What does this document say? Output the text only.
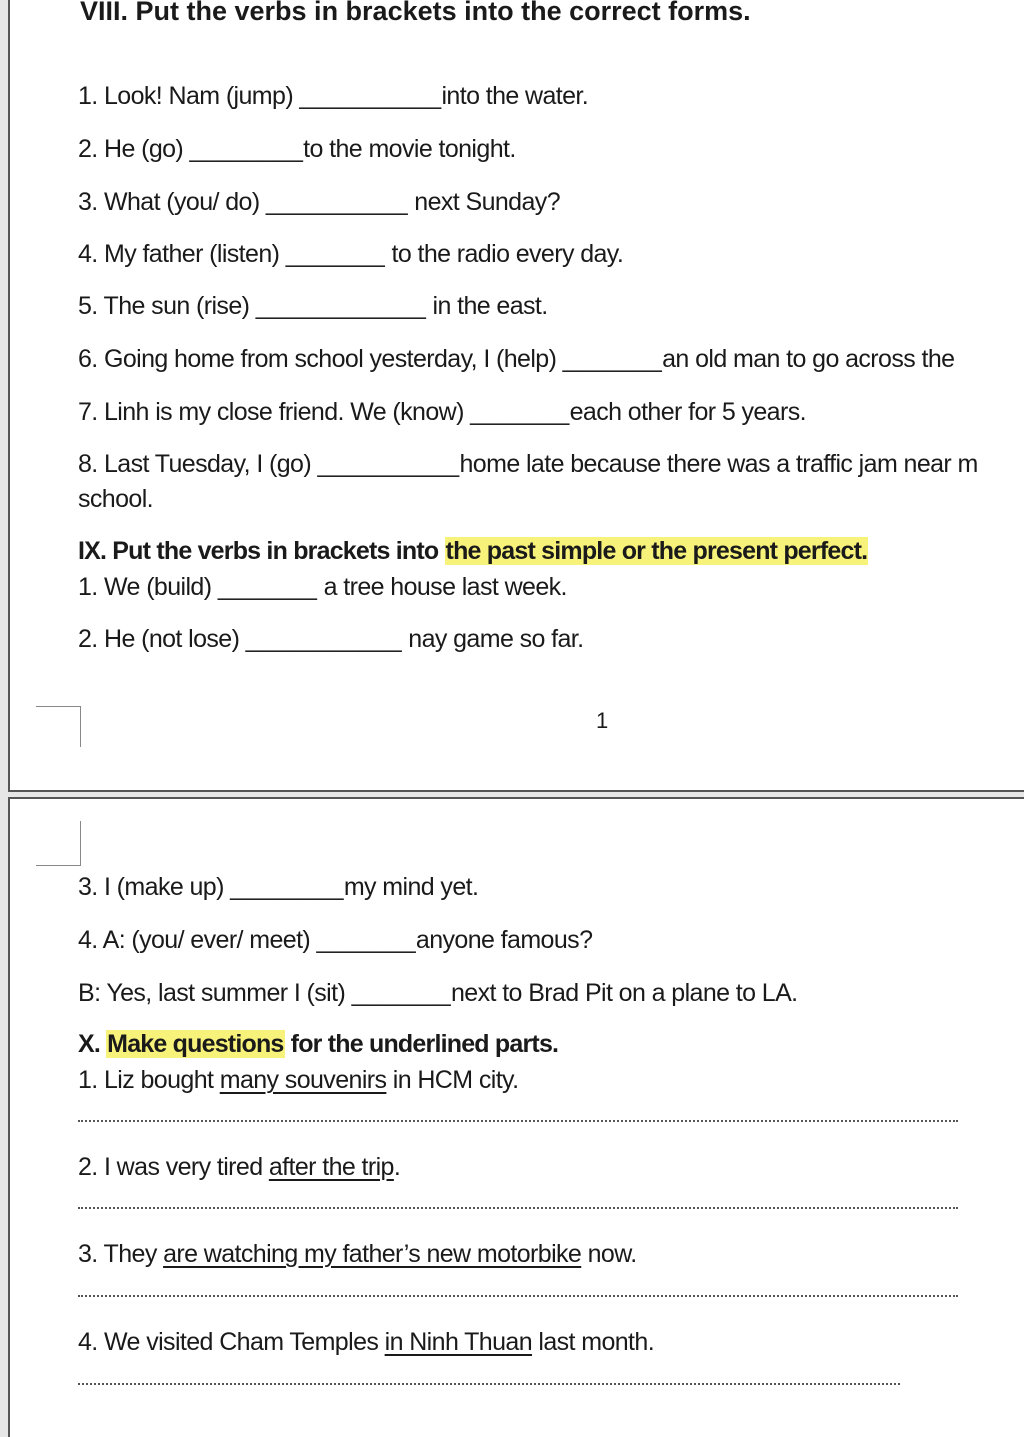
VIII. Put the verbs in brackets into the correct forms.
1. Look! Nam (jump) __________into the water.
2. He (go) ________to the movie tonight.
3. What (you/ do) __________ next Sunday?
4. My father (listen) _______ to the radio every day.
5. The sun (rise) ____________ in the east.
6. Going home from school yesterday, I (help) _______an old man to go across the
7. Linh is my close friend. We (know) _______each other for 5 years.
8. Last Tuesday, I (go) __________home late because there was a traffic jam near m
school.
IX. Put the verbs in brackets into the past simple or the present perfect.
1. We (build) _______ a tree house last week.
2. He (not lose) ___________ nay game so far.
1
3. I (make up) ________my mind yet.
4. A: (you/ ever/ meet) _______anyone famous?
B: Yes, last summer I (sit) _______next to Brad Pit on a plane to LA.
X. Make questions for the underlined parts.
1. Liz bought many souvenirs in HCM city.
2. I was very tired after the trip.
3. They are watching my father’s new motorbike now.
4. We visited Cham Temples in Ninh Thuan last month.
